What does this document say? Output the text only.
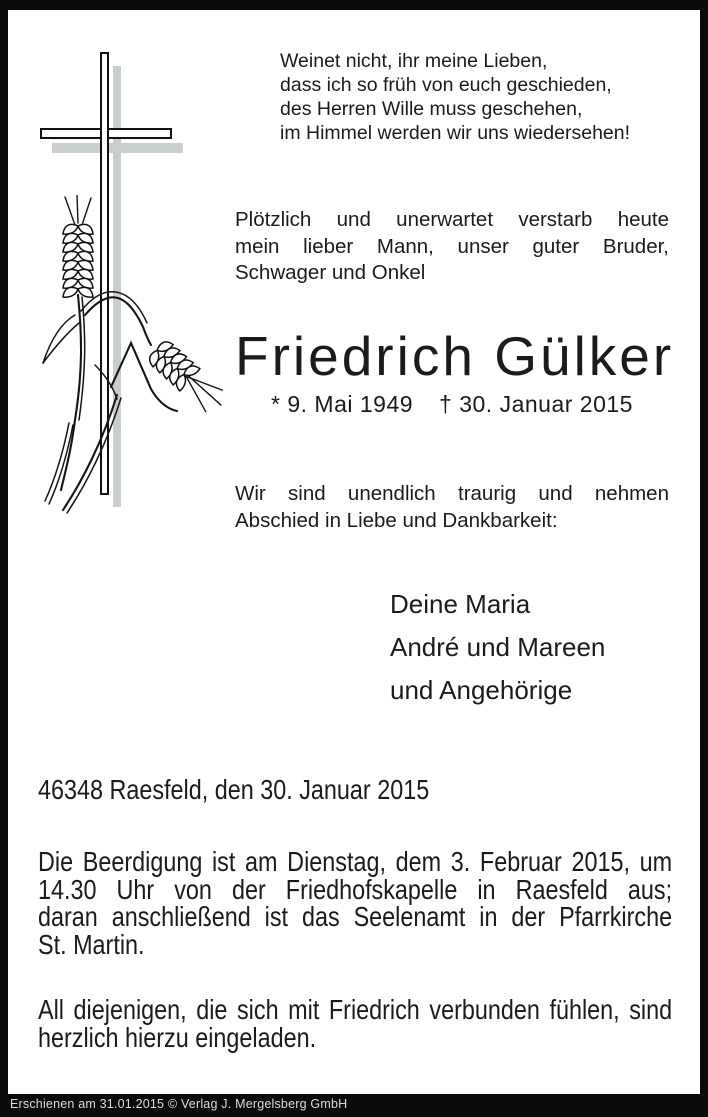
Weinet nicht, ihr meine Lieben,
dass ich so früh von euch geschieden,
des Herren Wille muss geschehen,
im Himmel werden wir uns wiedersehen!
Plötzlich und unerwartet verstarb heute
mein lieber Mann, unser guter Bruder,
Schwager und Onkel
Friedrich Gülker
* 9. Mai 1949 † 30. Januar 2015
Wir sind unendlich traurig und nehmen
Abschied in Liebe und Dankbarkeit:
Deine Maria
André und Mareen
und Angehörige
46348 Raesfeld, den 30. Januar 2015
Die Beerdigung ist am Dienstag, dem 3. Februar 2015, um
14.30 Uhr von der Friedhofskapelle in Raesfeld aus;
daran anschließend ist das Seelenamt in der Pfarrkirche
St. Martin.
All diejenigen, die sich mit Friedrich verbunden fühlen, sind
herzlich hierzu eingeladen.
Erschienen am 31.01.2015 © Verlag J. Mergelsberg GmbH
